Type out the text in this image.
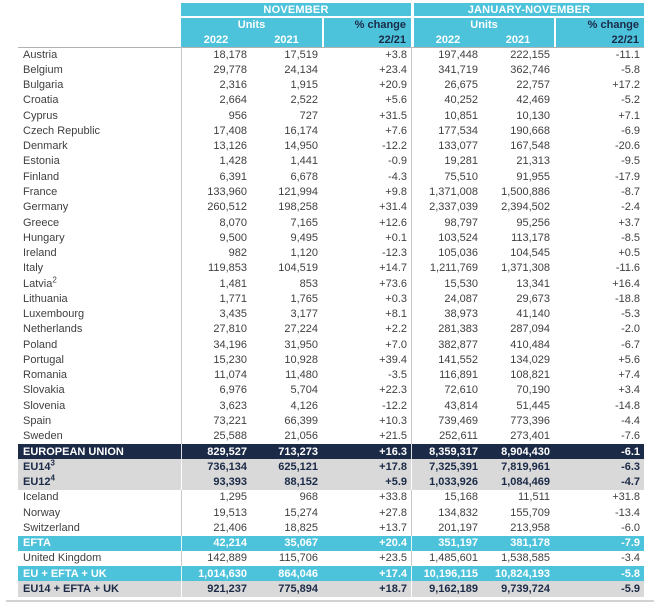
	NOVEMBER			JANUARY-NOVEMBER		
	Units		% change	Units		% change
	2022	2021	22/21	2022	2021	22/21
Austria	18,178	17,519	+3.8	197,448	222,155	-11.1
Belgium	29,778	24,134	+23.4	341,719	362,746	-5.8
Bulgaria	2,316	1,915	+20.9	26,675	22,757	+17.2
Croatia	2,664	2,522	+5.6	40,252	42,469	-5.2
Cyprus	956	727	+31.5	10,851	10,130	+7.1
Czech Republic	17,408	16,174	+7.6	177,534	190,668	-6.9
Denmark	13,126	14,950	-12.2	133,077	167,548	-20.6
Estonia	1,428	1,441	-0.9	19,281	21,313	-9.5
Finland	6,391	6,678	-4.3	75,510	91,955	-17.9
France	133,960	121,994	+9.8	1,371,008	1,500,886	-8.7
Germany	260,512	198,258	+31.4	2,337,039	2,394,502	-2.4
Greece	8,070	7,165	+12.6	98,797	95,256	+3.7
Hungary	9,500	9,495	+0.1	103,524	113,178	-8.5
Ireland	982	1,120	-12.3	105,036	104,545	+0.5
Italy	119,853	104,519	+14.7	1,211,769	1,371,308	-11.6
Latvia$^2$	1,481	853	+73.6	15,530	13,341	+16.4
Lithuania	1,771	1,765	+0.3	24,087	29,673	-18.8
Luxembourg	3,435	3,177	+8.1	38,973	41,140	-5.3
Netherlands	27,810	27,224	+2.2	281,383	287,094	-2.0
Poland	34,196	31,950	+7.0	382,877	410,484	-6.7
Portugal	15,230	10,928	+39.4	141,552	134,029	+5.6
Romania	11,074	11,480	-3.5	116,891	108,821	+7.4
Slovakia	6,976	5,704	+22.3	72,610	70,190	+3.4
Slovenia	3,623	4,126	-12.2	43,814	51,445	-14.8
Spain	73,221	66,399	+10.3	739,469	773,396	-4.4
Sweden	25,588	21,056	+21.5	252,611	273,401	-7.6
EUROPEAN UNION	829,527	713,273	+16.3	8,359,317	8,904,430	-6.1
$EU14^3$	736,134	625,121	+17.8	7,325,391	7,819,961	-6.3
$EU12^4$	93,393	88,152	+5.9	1,033,926	1,084,469	-4.7
Iceland	1,295	968	+33.8	15,168	11,511	+31.8
Norway	19,513	15,274	+27.8	134,832	155,709	-13.4
Switzerland	21,406	18,825	+13.7	201,197	213,958	-6.0
EFTA	42,214	35,067	+20.4	351,197	381,178	-7.9
United Kingdom	142,889	115,706	+23.5	1,485,601	1,538,585	-3.4
EU + EFTA + UK	1,014,630	864,046	+17.4	10,196,115	10,824,193	-5.8
EU14 + EFTA + UK	921,237	775,894	+18.7	9,162,189	9,739,724	-5.9
